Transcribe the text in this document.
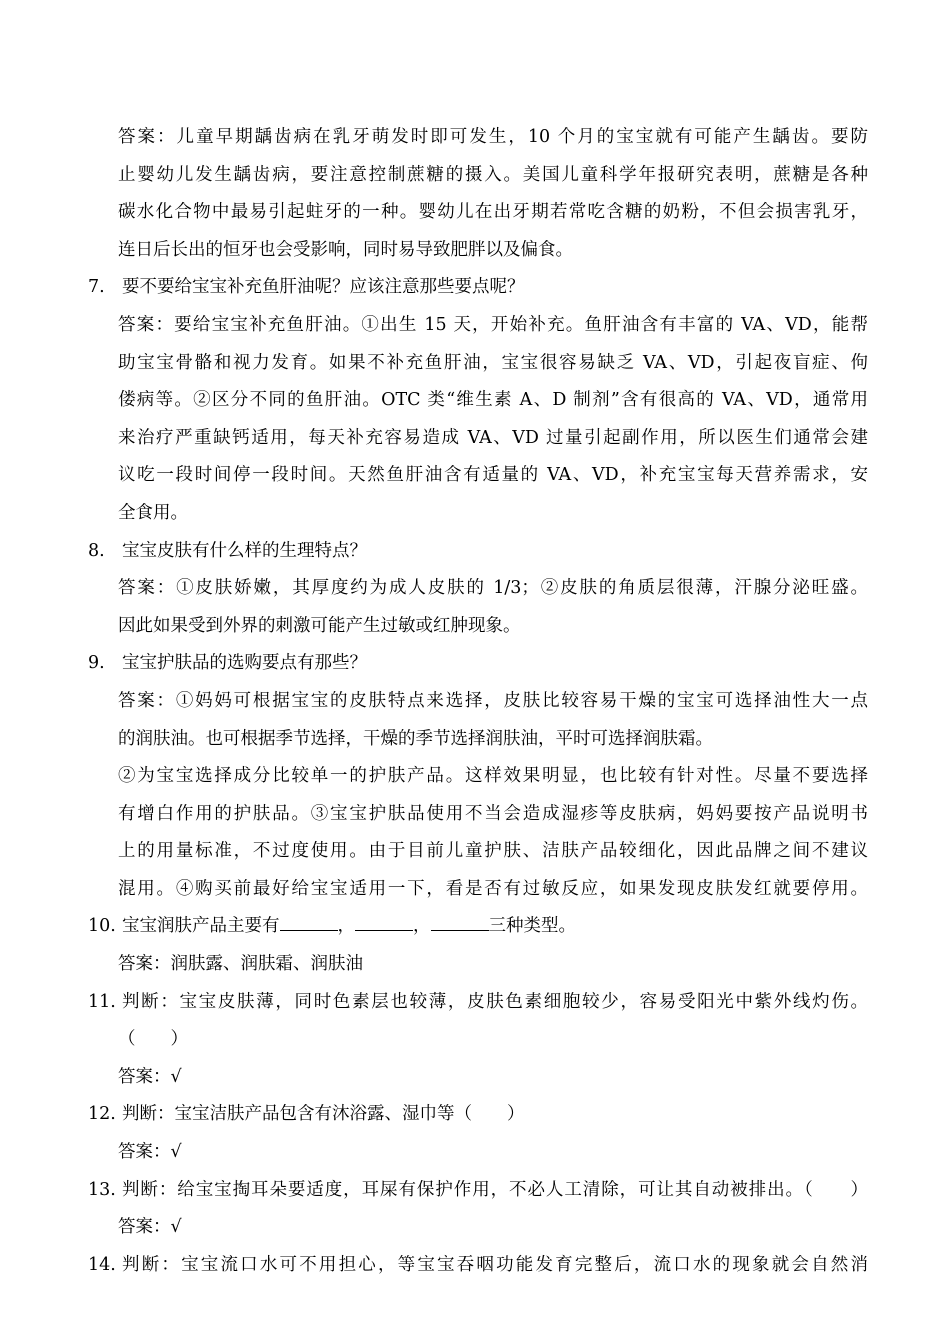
答案：儿童早期龋齿病在乳牙萌发时即可发生，10 个月的宝宝就有可能产生龋齿。要防
止婴幼儿发生龋齿病，要注意控制蔗糖的摄入。美国儿童科学年报研究表明，蔗糖是各种
碳水化合物中最易引起蛀牙的一种。婴幼儿在出牙期若常吃含糖的奶粉，不但会损害乳牙，
连日后长出的恒牙也会受影响，同时易导致肥胖以及偏食。
7. 要不要给宝宝补充鱼肝油呢？应该注意那些要点呢？
答案：要给宝宝补充鱼肝油。①出生 15 天，开始补充。鱼肝油含有丰富的 VA、VD，能帮
助宝宝骨骼和视力发育。如果不补充鱼肝油，宝宝很容易缺乏 VA、VD，引起夜盲症、佝
偻病等。②区分不同的鱼肝油。OTC 类“维生素 A、D 制剂”含有很高的 VA、VD，通常用
来治疗严重缺钙适用，每天补充容易造成 VA、VD 过量引起副作用，所以医生们通常会建
议吃一段时间停一段时间。天然鱼肝油含有适量的 VA、VD，补充宝宝每天营养需求，安
全食用。
8. 宝宝皮肤有什么样的生理特点？
答案：①皮肤娇嫩，其厚度约为成人皮肤的 1/3；②皮肤的角质层很薄，汗腺分泌旺盛。
因此如果受到外界的刺激可能产生过敏或红肿现象。
9. 宝宝护肤品的选购要点有那些？
答案：①妈妈可根据宝宝的皮肤特点来选择，皮肤比较容易干燥的宝宝可选择油性大一点
的润肤油。也可根据季节选择，干燥的季节选择润肤油，平时可选择润肤霜。
②为宝宝选择成分比较单一的护肤产品。这样效果明显，也比较有针对性。尽量不要选择
有增白作用的护肤品。③宝宝护肤品使用不当会造成湿疹等皮肤病，妈妈要按产品说明书
上的用量标准，不过度使用。由于目前儿童护肤、洁肤产品较细化，因此品牌之间不建议
混用。④购买前最好给宝宝适用一下，看是否有过敏反应，如果发现皮肤发红就要停用。
10. 宝宝润肤产品主要有	，	，	三种类型。
答案：润肤露、润肤霜、润肤油
11. 判断：宝宝皮肤薄，同时色素层也较薄，皮肤色素细胞较少，容易受阳光中紫外线灼伤。
（　　）
答案：√
12. 判断：宝宝洁肤产品包含有沐浴露、湿巾等（　　）
答案：√
13. 判断：给宝宝掏耳朵要适度，耳屎有保护作用，不必人工清除，可让其自动被排出。（　　）
答案：√
14. 判断：宝宝流口水可不用担心，等宝宝吞咽功能发育完整后，流口水的现象就会自然消
